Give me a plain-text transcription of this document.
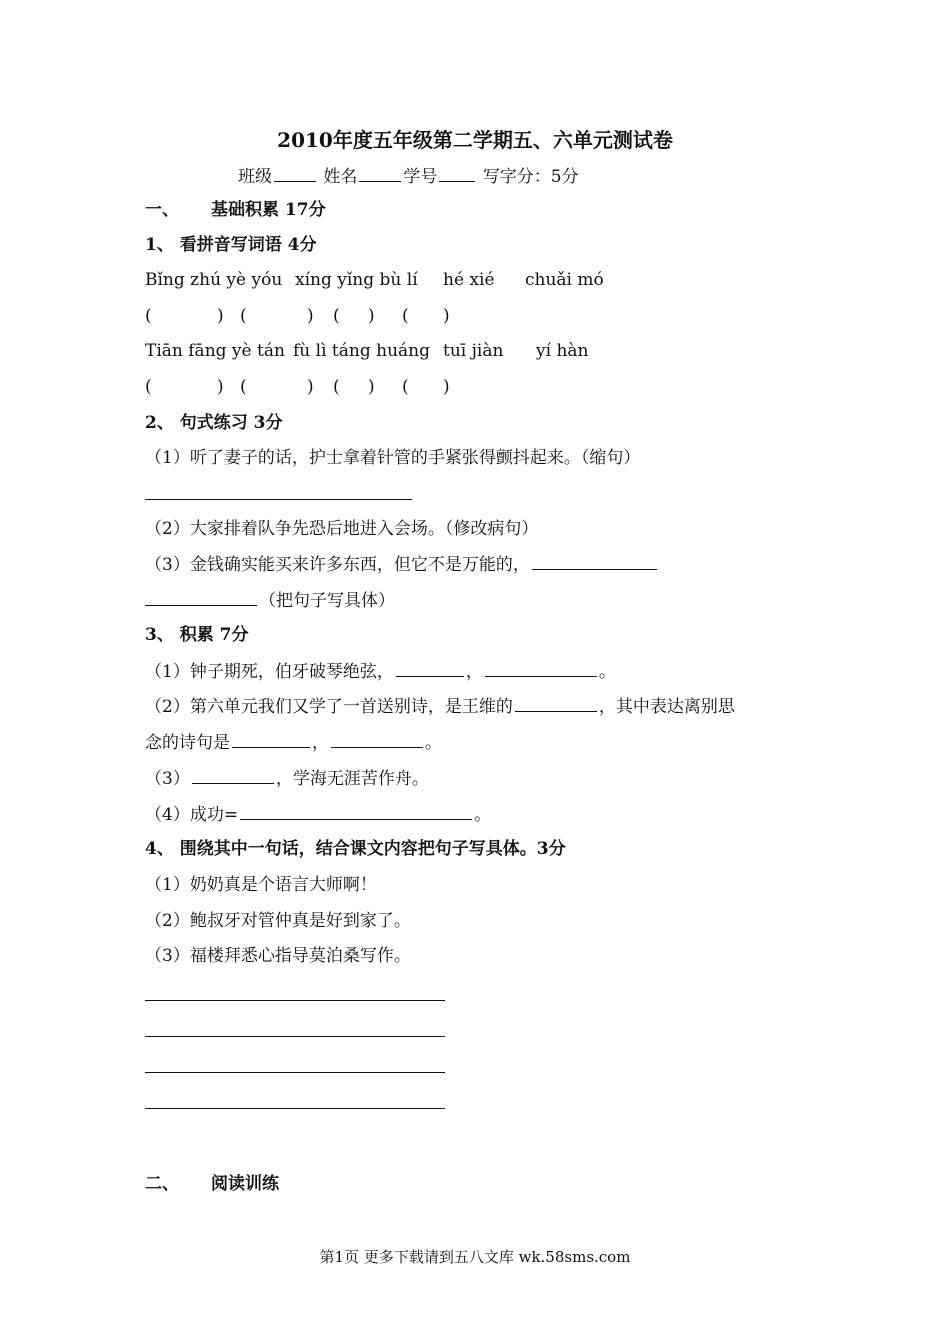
2010年度五年级第二学期五、六单元测试卷
班级	姓名	学号	写字分：5分
一、 基础积累 17分
1、 看拼音写词语 4分
Bǐng zhú yè yóu xíng yǐng bù lí hé xié chuǎi mó
(	) (	) ( ) ( )
Tiān fāng yè tán fù lì táng huáng tuī jiàn yí hàn
(	) (	) ( ) ( )
2、 句式练习 3分
（1）听了妻子的话，护士拿着针管的手紧张得颤抖起来。（缩句）
（2）大家排着队争先恐后地进入会场。（修改病句）
（3）金钱确实能买来许多东西，但它不是万能的，
（把句子写具体）
3、 积累 7分
（1）钟子期死，伯牙破琴绝弦，	，	。
（2）第六单元我们又学了一首送别诗，是王维的	，其中表达离别思
念的诗句是	，	。
（3）	，学海无涯苦作舟。
（4）成功=	。
4、 围绕其中一句话，结合课文内容把句子写具体。3分
（1）奶奶真是个语言大师啊！
（2）鲍叔牙对管仲真是好到家了。
（3）福楼拜悉心指导莫泊桑写作。
二、 阅读训练
第1页 更多下载请到五八文库 wk.58sms.com
